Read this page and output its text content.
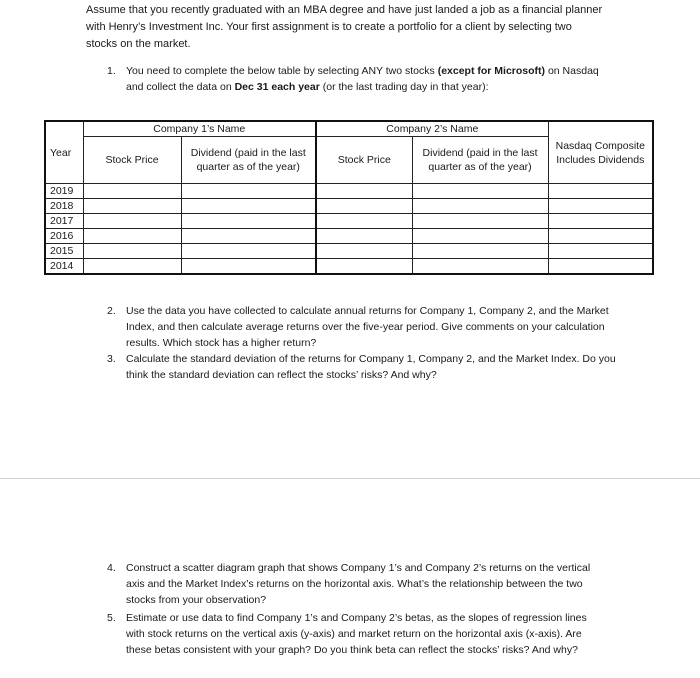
Assume that you recently graduated with an MBA degree and have just landed a job as a financial planner with Henry’s Investment Inc. Your first assignment is to create a portfolio for a client by selecting two stocks on the market.

1. You need to complete the below table by selecting ANY two stocks (except for Microsoft) on Nasdaq and collect the data on Dec 31 each year (or the last trading day in that year):
Year	Company 1’s Name		Company 2’s Name		Nasdaq Composite Includes Dividends
	Stock Price	Dividend (paid in the last quarter as of the year)	Stock Price	Dividend (paid in the last quarter as of the year)	
2019					
2018					
2017					
2016					
2015					
2014					
2. Use the data you have collected to calculate annual returns for Company 1, Company 2, and the Market Index, and then calculate average returns over the five-year period. Give comments on your calculation results. Which stock has a higher return?
3. Calculate the standard deviation of the returns for Company 1, Company 2, and the Market Index. Do you think the standard deviation can reflect the stocks’ risks? And why?
4. Construct a scatter diagram graph that shows Company 1’s and Company 2’s returns on the vertical axis and the Market Index’s returns on the horizontal axis. What’s the relationship between the two stocks from your observation?
5. Estimate or use data to find Company 1’s and Company 2’s betas, as the slopes of regression lines with stock returns on the vertical axis (y-axis) and market return on the horizontal axis (x-axis). Are these betas consistent with your graph? Do you think beta can reflect the stocks’ risks? And why?
